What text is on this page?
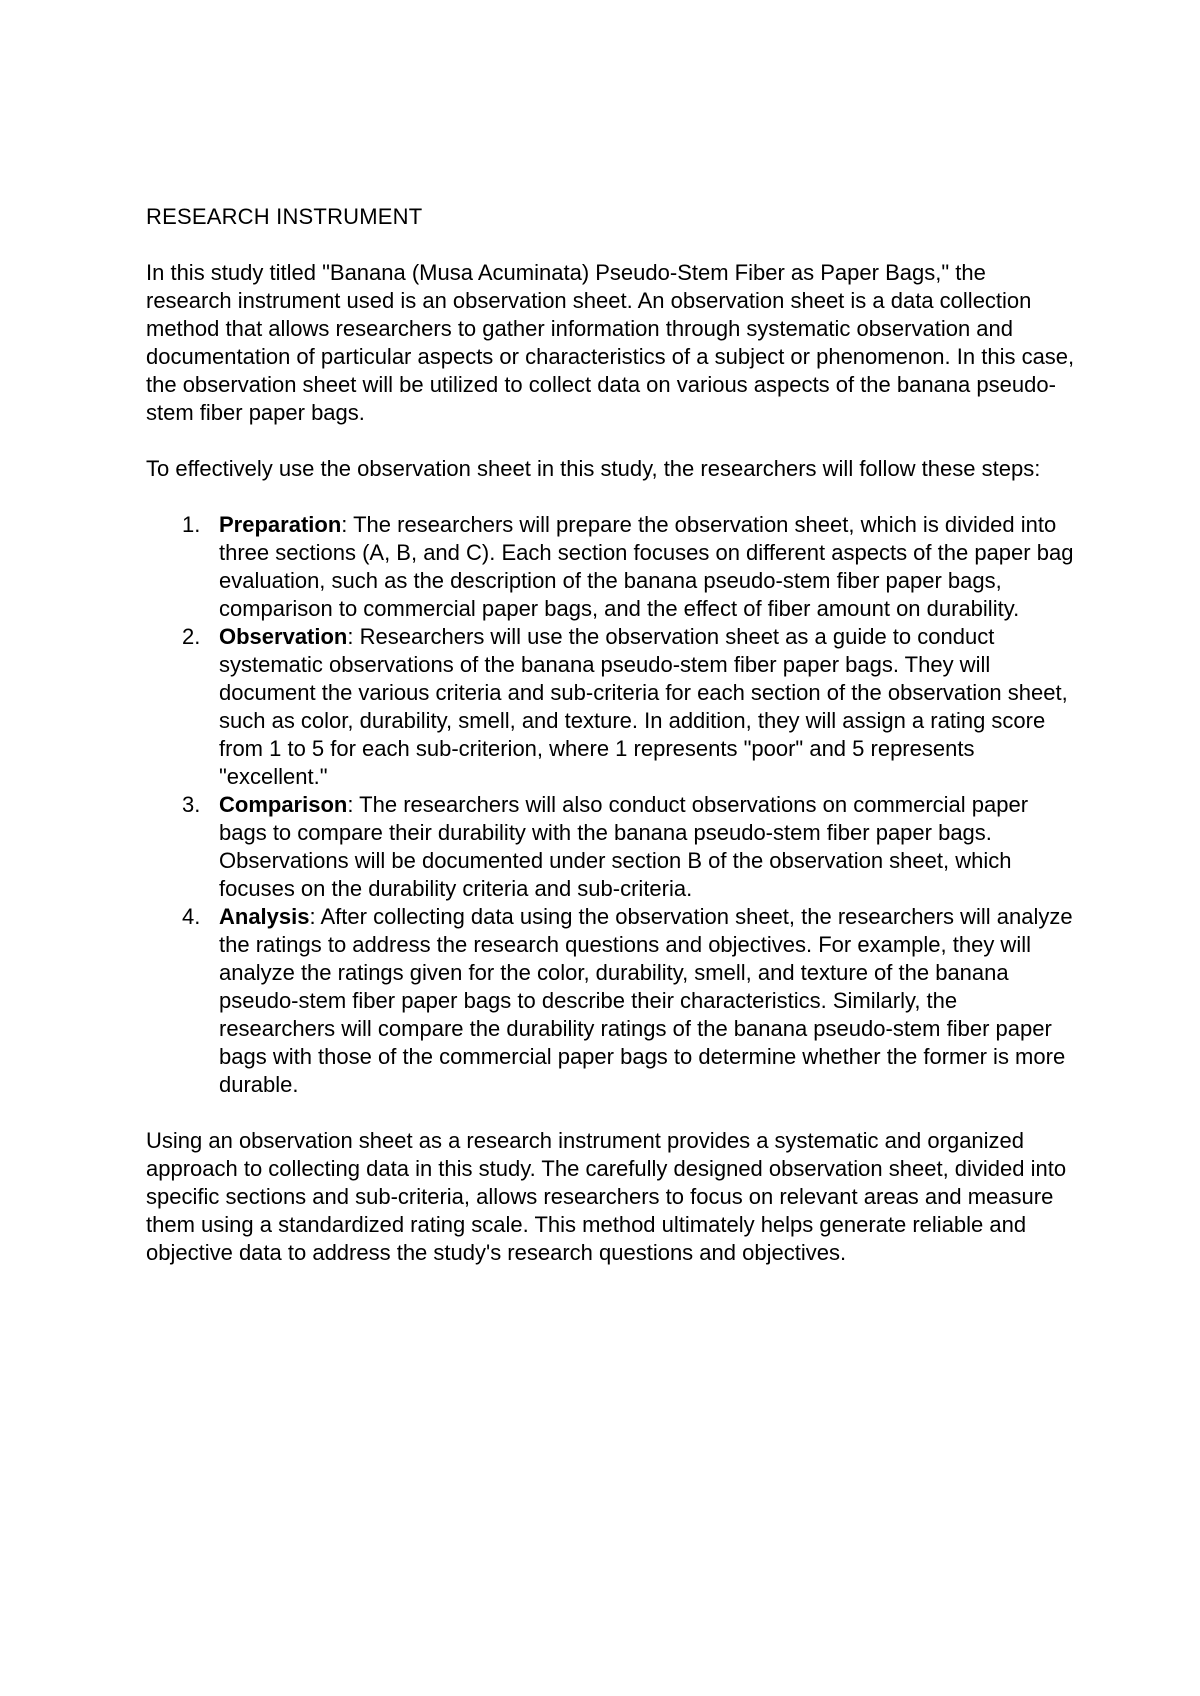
RESEARCH INSTRUMENT

In this study titled "Banana (Musa Acuminata) Pseudo-Stem Fiber as Paper Bags," the research instrument used is an observation sheet. An observation sheet is a data collection method that allows researchers to gather information through systematic observation and documentation of particular aspects or characteristics of a subject or phenomenon. In this case, the observation sheet will be utilized to collect data on various aspects of the banana pseudo-stem fiber paper bags.

To effectively use the observation sheet in this study, the researchers will follow these steps:

1. Preparation: The researchers will prepare the observation sheet, which is divided into three sections (A, B, and C). Each section focuses on different aspects of the paper bag evaluation, such as the description of the banana pseudo-stem fiber paper bags, comparison to commercial paper bags, and the effect of fiber amount on durability.
2. Observation: Researchers will use the observation sheet as a guide to conduct systematic observations of the banana pseudo-stem fiber paper bags. They will document the various criteria and sub-criteria for each section of the observation sheet, such as color, durability, smell, and texture. In addition, they will assign a rating score from 1 to 5 for each sub-criterion, where 1 represents "poor" and 5 represents "excellent."
3. Comparison: The researchers will also conduct observations on commercial paper bags to compare their durability with the banana pseudo-stem fiber paper bags. Observations will be documented under section B of the observation sheet, which focuses on the durability criteria and sub-criteria.
4. Analysis: After collecting data using the observation sheet, the researchers will analyze the ratings to address the research questions and objectives. For example, they will analyze the ratings given for the color, durability, smell, and texture of the banana pseudo-stem fiber paper bags to describe their characteristics. Similarly, the researchers will compare the durability ratings of the banana pseudo-stem fiber paper bags with those of the commercial paper bags to determine whether the former is more durable.

Using an observation sheet as a research instrument provides a systematic and organized approach to collecting data in this study. The carefully designed observation sheet, divided into specific sections and sub-criteria, allows researchers to focus on relevant areas and measure them using a standardized rating scale. This method ultimately helps generate reliable and objective data to address the study's research questions and objectives.
